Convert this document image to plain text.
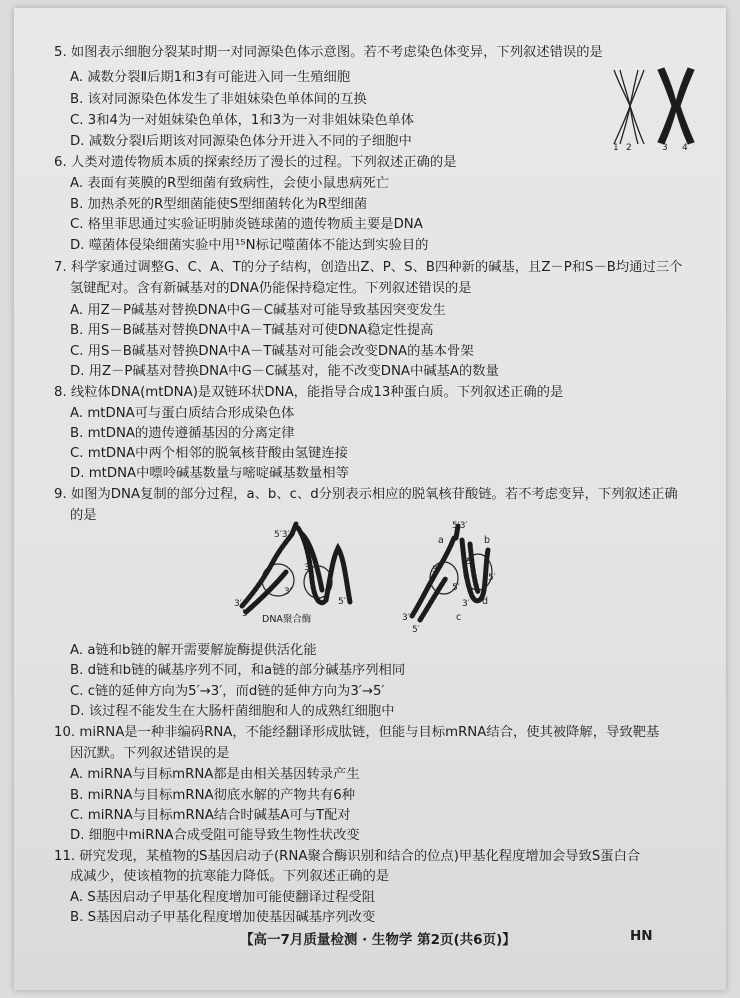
5. 如图表示细胞分裂某时期一对同源染色体示意图。若不考虑染色体变异，下列叙述错误的是
A. 减数分裂Ⅱ后期1和3有可能进入同一生殖细胞
B. 该对同源染色体发生了非姐妹染色单体间的互换
C. 3和4为一对姐妹染色单体，1和3为一对非姐妹染色单体
D. 减数分裂Ⅰ后期该对同源染色体分开进入不同的子细胞中	1 2	3 4
6. 人类对遗传物质本质的探索经历了漫长的过程。下列叙述正确的是
A. 表面有荚膜的R型细菌有致病性，会使小鼠患病死亡
B. 加热杀死的R型细菌能使S型细菌转化为R型细菌
C. 格里菲思通过实验证明肺炎链球菌的遗传物质主要是DNA
D. 噬菌体侵染细菌实验中用¹⁵N标记噬菌体不能达到实验目的
7. 科学家通过调整G、C、A、T的分子结构，创造出Z、P、S、B四种新的碱基，且Z－P和S－B均通过三个
氢键配对。含有新碱基对的DNA仍能保持稳定性。下列叙述错误的是
A. 用Z－P碱基对替换DNA中G－C碱基对可能导致基因突变发生
B. 用S－B碱基对替换DNA中A－T碱基对可使DNA稳定性提高
C. 用S－B碱基对替换DNA中A－T碱基对可能会改变DNA的基本骨架
D. 用Z－P碱基对替换DNA中G－C碱基对，能不改变DNA中碱基A的数量
8. 线粒体DNA(mtDNA)是双链环状DNA，能指导合成13种蛋白质。下列叙述正确的是
A. mtDNA可与蛋白质结合形成染色体
B. mtDNA的遗传遵循基因的分离定律
C. mtDNA中两个相邻的脱氧核苷酸由氢键连接
D. mtDNA中嘌呤碱基数量与嘧啶碱基数量相等
9. 如图为DNA复制的部分过程，a、b、c、d分别表示相应的脱氧核苷酸链。若不考虑变异，下列叙述正确
的是
5′3′
3′
3′
3′
5′
5′
DNA聚合酶
5′3′
a	b
3′
3′
5′
5′
3′
c
d
3′
5′
A. a链和b链的解开需要解旋酶提供活化能
B. d链和b链的碱基序列不同，和a链的部分碱基序列相同
C. c链的延伸方向为5′→3′，而d链的延伸方向为3′→5′
D. 该过程不能发生在大肠杆菌细胞和人的成熟红细胞中
10. miRNA是一种非编码RNA，不能经翻译形成肽链，但能与目标mRNA结合，使其被降解，导致靶基
因沉默。下列叙述错误的是
A. miRNA与目标mRNA都是由相关基因转录产生
B. miRNA与目标mRNA彻底水解的产物共有6种
C. miRNA与目标mRNA结合时碱基A可与T配对
D. 细胞中miRNA合成受阻可能导致生物性状改变
11. 研究发现，某植物的S基因启动子(RNA聚合酶识别和结合的位点)甲基化程度增加会导致S蛋白合
成减少，使该植物的抗寒能力降低。下列叙述正确的是
A. S基因启动子甲基化程度增加可能使翻译过程受阻
B. S基因启动子甲基化程度增加使基因碱基序列改变
【高一7月质量检测 · 生物学 第2页(共6页)】	HN
